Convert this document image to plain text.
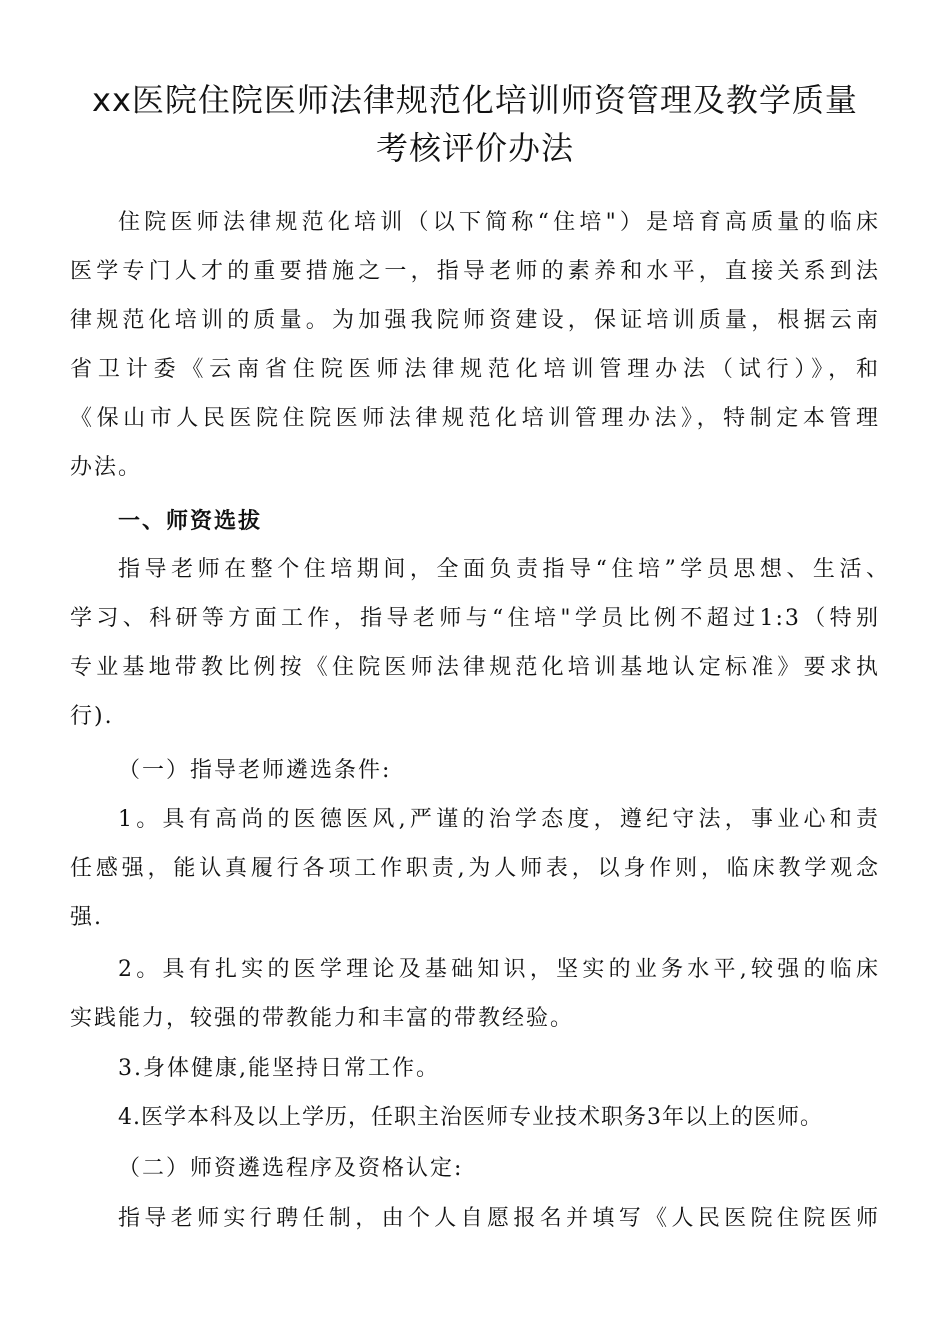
xx医院住院医师法律规范化培训师资管理及教学质量
考核评价办法
住院医师法律规范化培训（以下简称“住培"）是培育高质量的临床
医学专门人才的重要措施之一，指导老师的素养和水平，直接关系到法
律规范化培训的质量。为加强我院师资建设，保证培训质量，根据云南
省卫计委《云南省住院医师法律规范化培训管理办法（试行）》，和
《保山市人民医院住院医师法律规范化培训管理办法》，特制定本管理
办法。
一、师资选拔
指导老师在整个住培期间，全面负责指导“住培”学员思想、生活、
学习、科研等方面工作，指导老师与“住培"学员比例不超过1:3（特别
专业基地带教比例按《住院医师法律规范化培训基地认定标准》要求执
行).
（一）指导老师遴选条件:
1。具有高尚的医德医风,严谨的治学态度，遵纪守法，事业心和责
任感强，能认真履行各项工作职责,为人师表，以身作则，临床教学观念
强.
2。具有扎实的医学理论及基础知识，坚实的业务水平,较强的临床
实践能力，较强的带教能力和丰富的带教经验。
3.身体健康,能坚持日常工作。
4.医学本科及以上学历，任职主治医师专业技术职务3年以上的医师。
（二）师资遴选程序及资格认定:
指导老师实行聘任制，由个人自愿报名并填写《人民医院住院医师
